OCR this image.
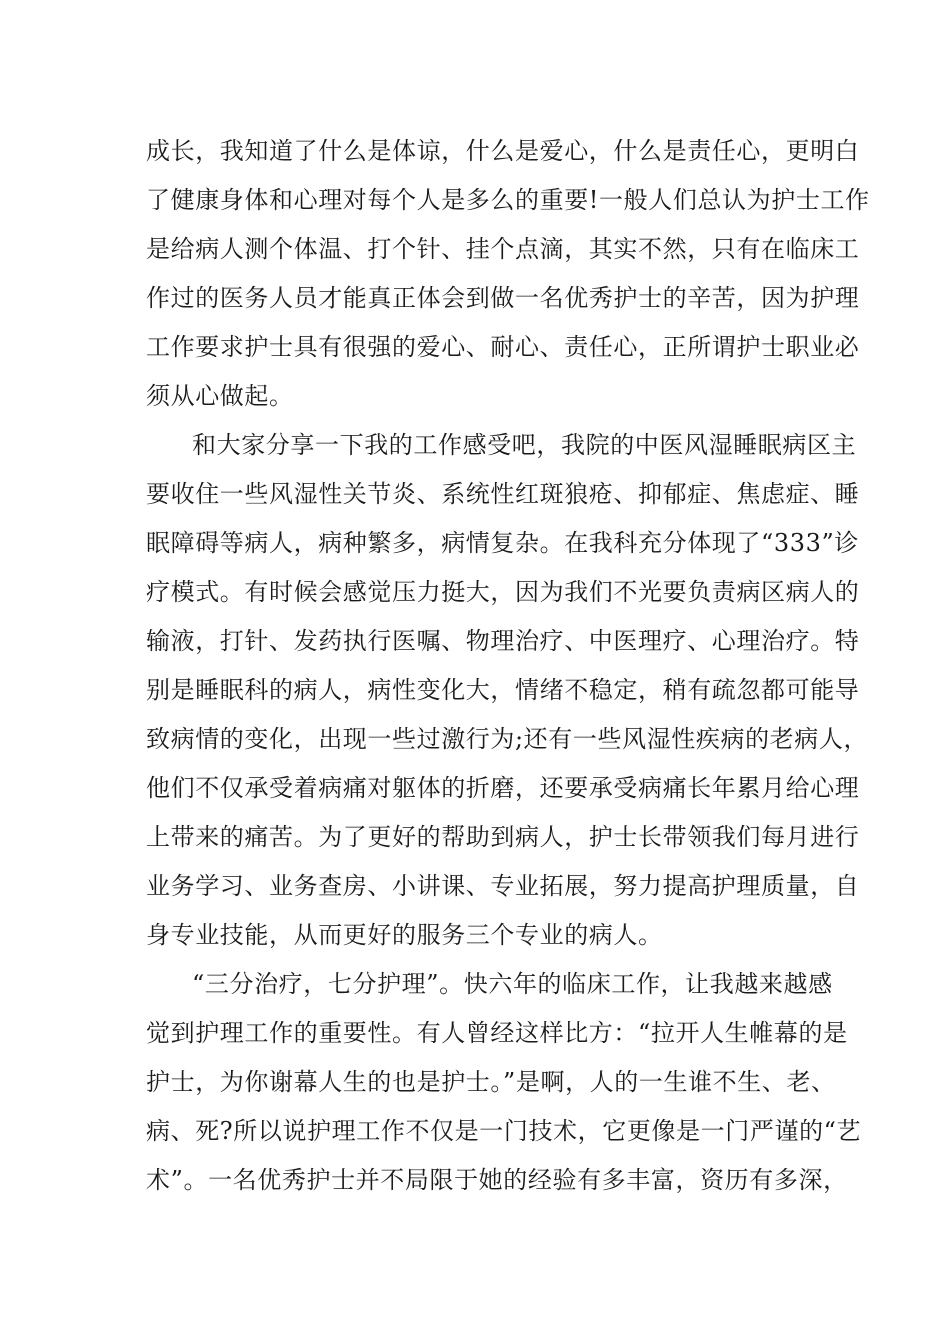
成长，我知道了什么是体谅，什么是爱心，什么是责任心，更明白
了健康身体和心理对每个人是多么的重要!一般人们总认为护士工作
是给病人测个体温、打个针、挂个点滴，其实不然，只有在临床工
作过的医务人员才能真正体会到做一名优秀护士的辛苦，因为护理
工作要求护士具有很强的爱心、耐心、责任心，正所谓护士职业必
须从心做起。
和大家分享一下我的工作感受吧，我院的中医风湿睡眠病区主
要收住一些风湿性关节炎、系统性红斑狼疮、抑郁症、焦虑症、睡
眠障碍等病人，病种繁多，病情复杂。在我科充分体现了“333”诊
疗模式。有时候会感觉压力挺大，因为我们不光要负责病区病人的
输液，打针、发药执行医嘱、物理治疗、中医理疗、心理治疗。特
别是睡眠科的病人，病性变化大，情绪不稳定，稍有疏忽都可能导
致病情的变化，出现一些过激行为;还有一些风湿性疾病的老病人，
他们不仅承受着病痛对躯体的折磨，还要承受病痛长年累月给心理
上带来的痛苦。为了更好的帮助到病人，护士长带领我们每月进行
业务学习、业务查房、小讲课、专业拓展，努力提高护理质量，自
身专业技能，从而更好的服务三个专业的病人。
“三分治疗，七分护理”。快六年的临床工作，让我越来越感
觉到护理工作的重要性。有人曾经这样比方：“拉开人生帷幕的是
护士，为你谢幕人生的也是护士。”是啊，人的一生谁不生、老、
病、死?所以说护理工作不仅是一门技术，它更像是一门严谨的“艺
术”。一名优秀护士并不局限于她的经验有多丰富，资历有多深，
